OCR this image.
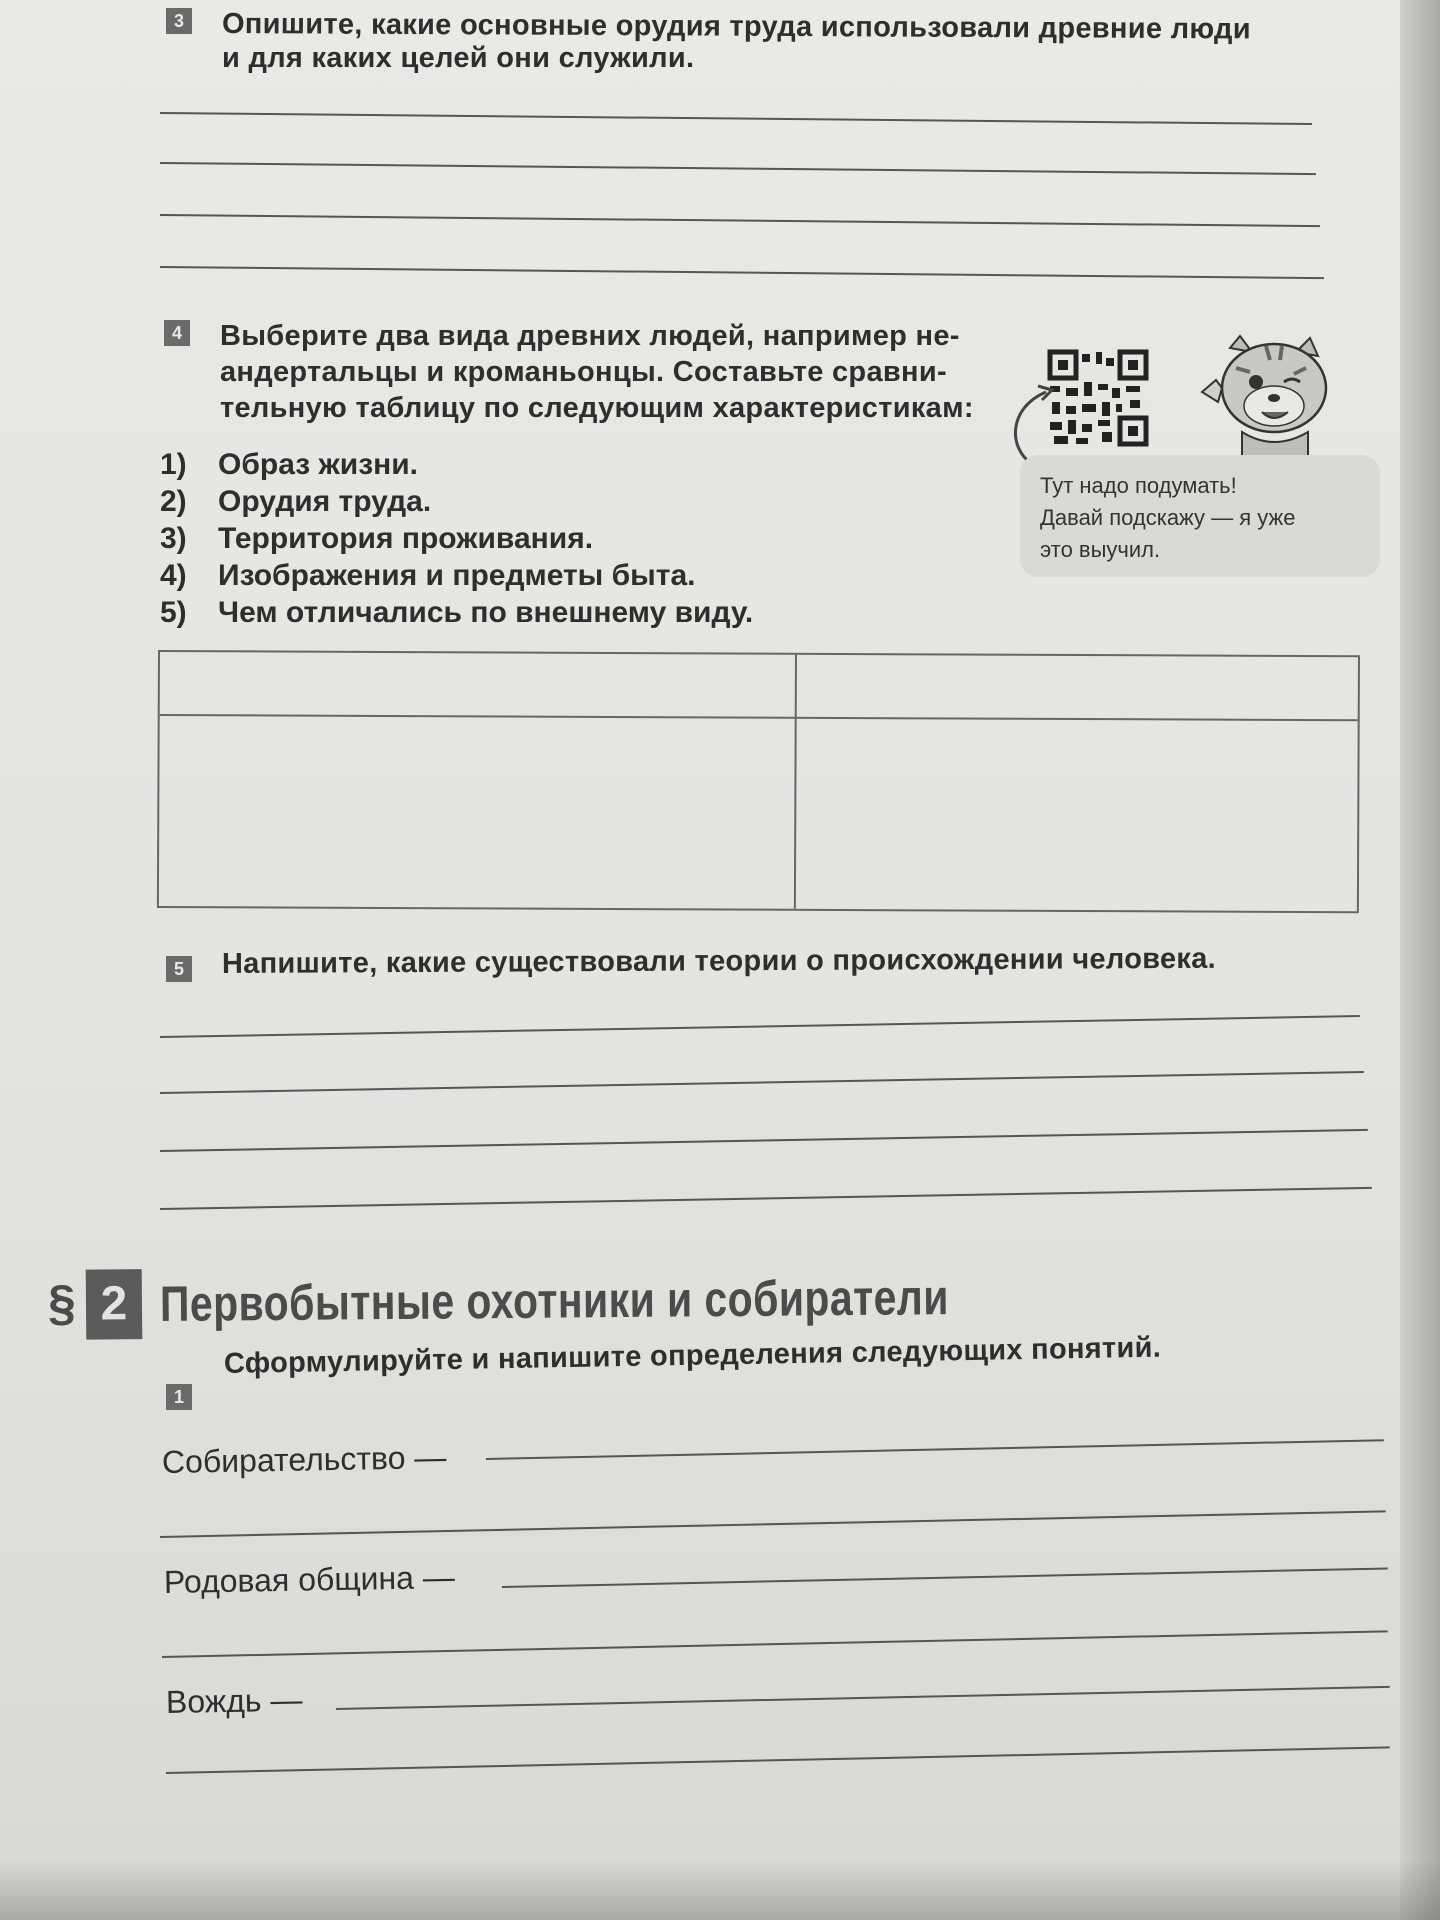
3 Опишите, какие основные орудия труда использовали древние люди
и для каких целей они служили.
4 Выберите два вида древних людей, например не-
андертальцы и кроманьонцы. Составьте сравни-
тельную таблицу по следующим характеристикам:
1) Образ жизни.
2) Орудия труда.
3) Территория проживания.
4) Изображения и предметы быта.
5) Чем отличались по внешнему виду.
Тут надо подумать!
Давай подскажу — я уже
это выучил.
5 Напишите, какие существовали теории о происхождении человека.
§ 2 Первобытные охотники и собиратели
1
Сформулируйте и напишите определения следующих понятий.
Собирательство —
Родовая община —
Вождь —
